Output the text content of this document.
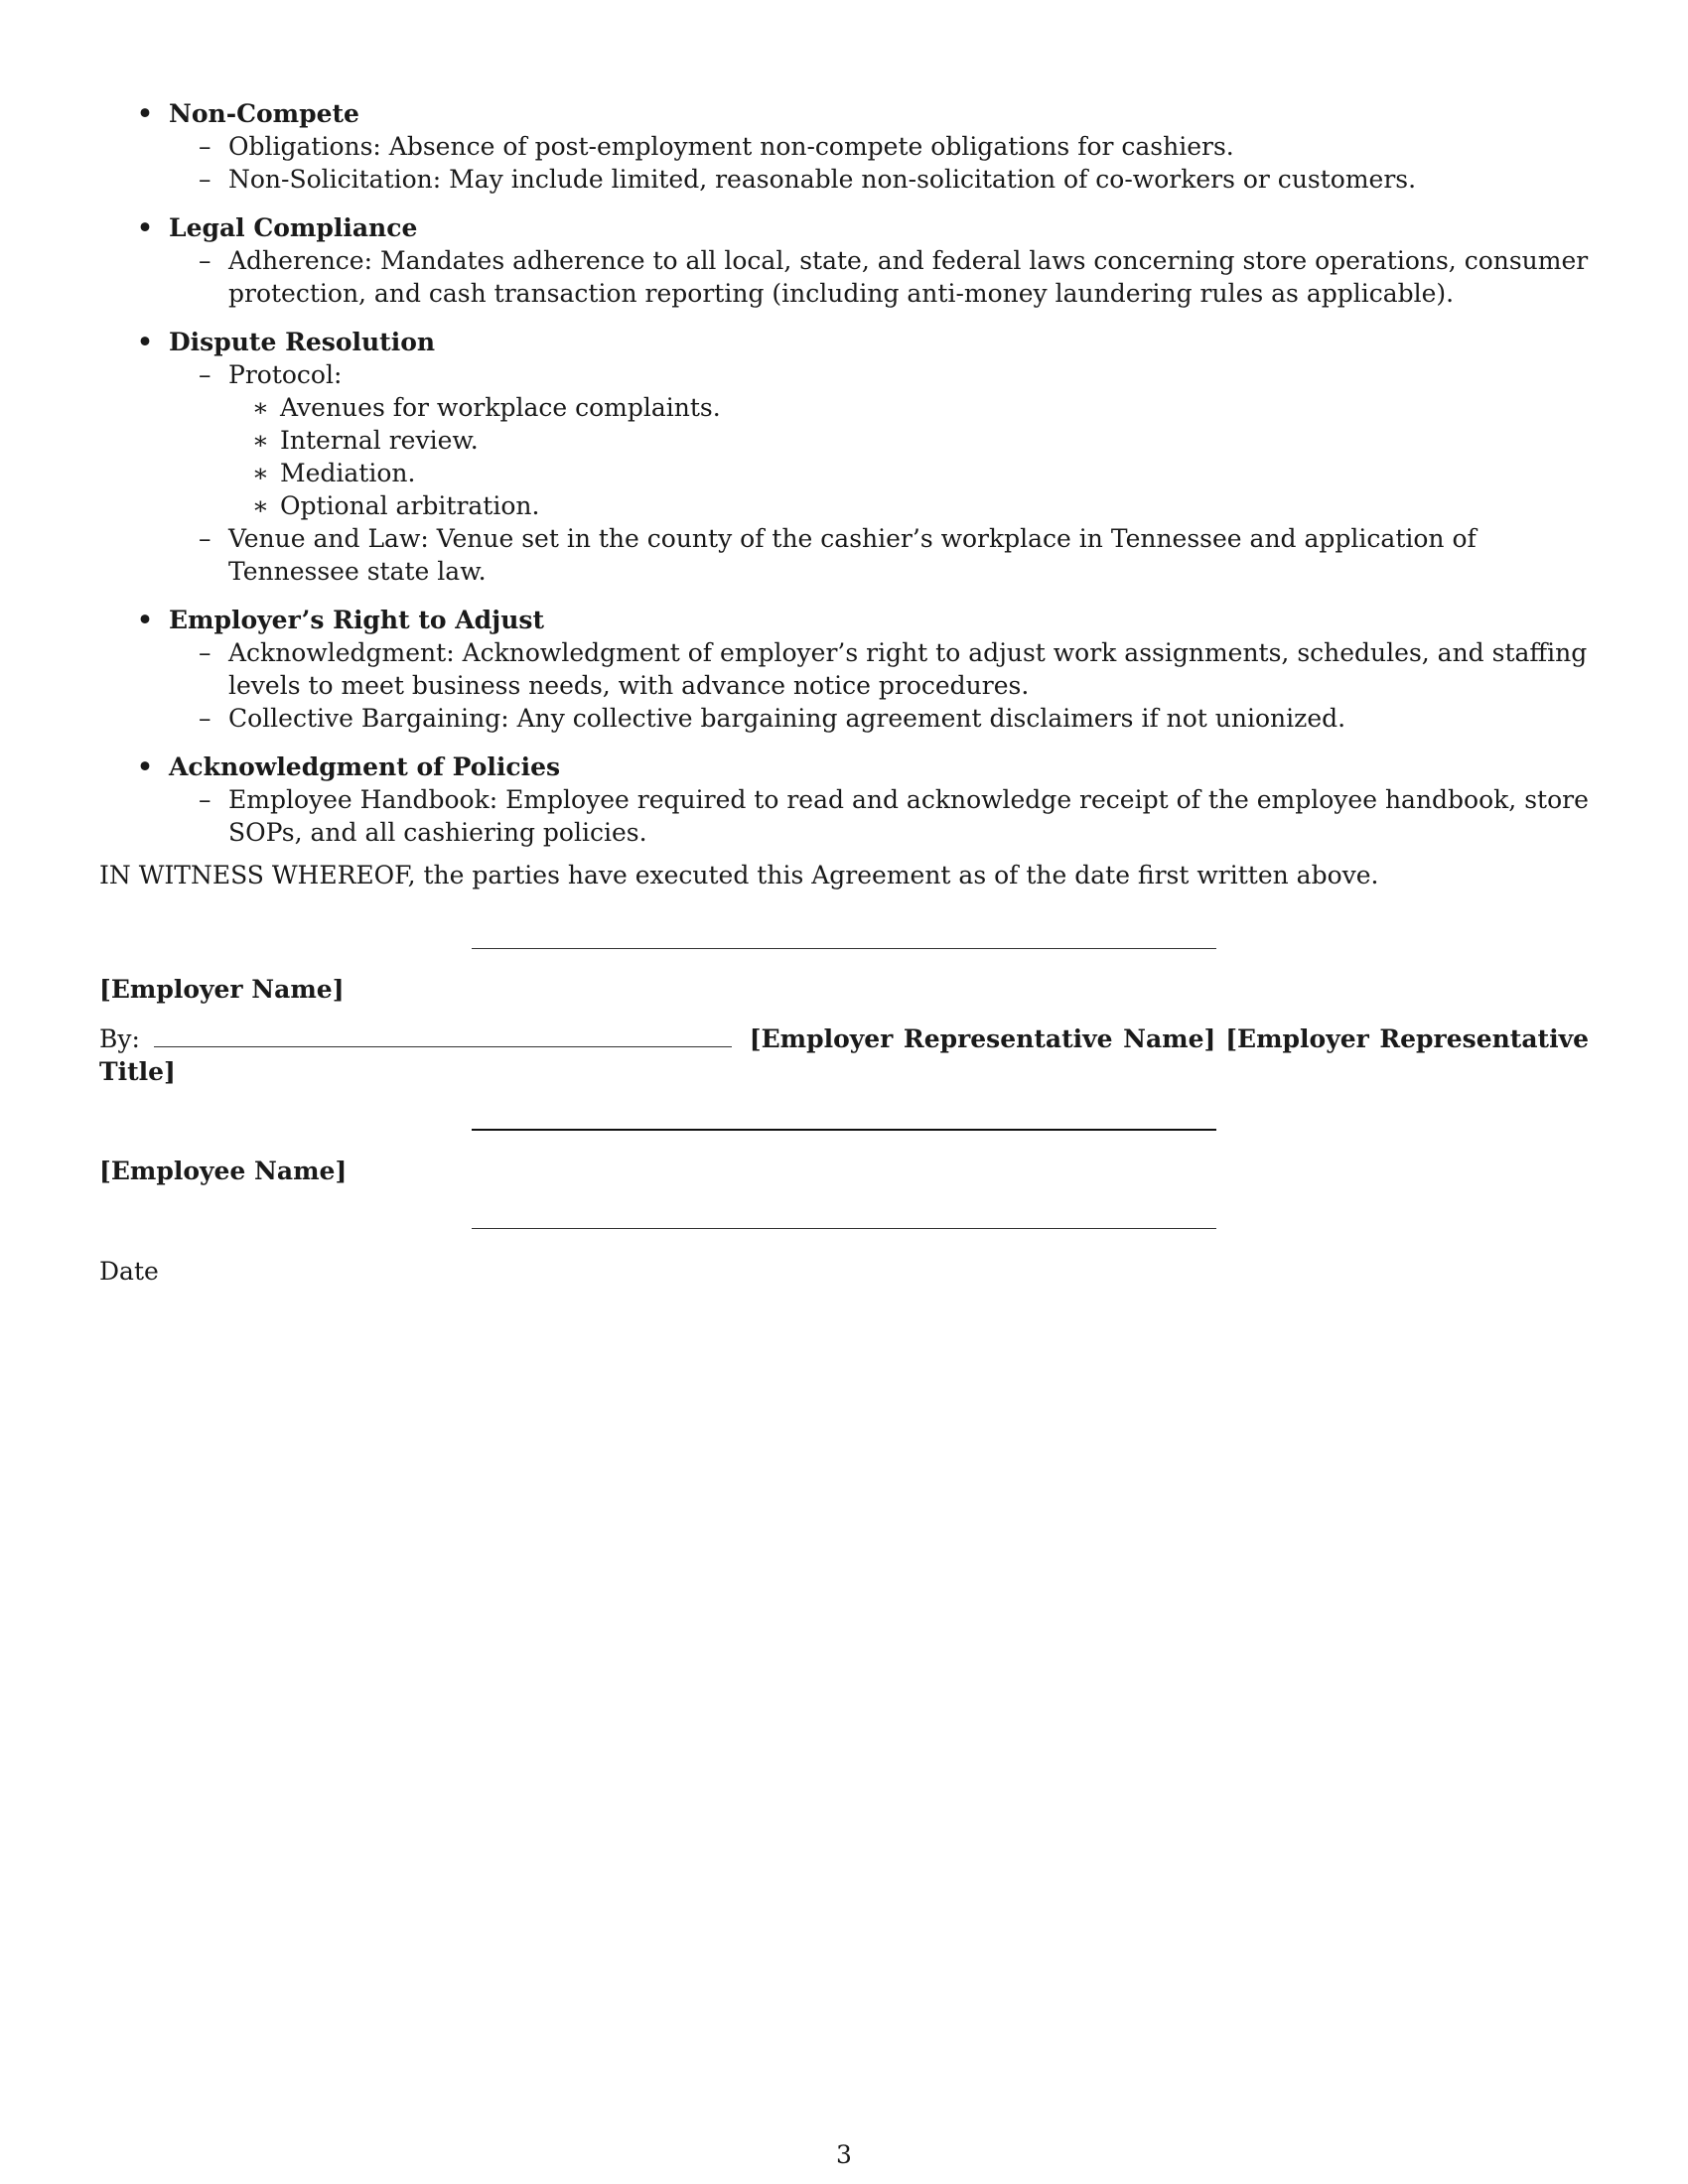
• Non-Compete
– Obligations: Absence of post-employment non-compete obligations for cashiers.
– Non-Solicitation: May include limited, reasonable non-solicitation of co-workers or customers.
• Legal Compliance
– Adherence: Mandates adherence to all local, state, and federal laws concerning store operations, consumer protection, and cash transaction reporting (including anti-money laundering rules as applicable).
• Dispute Resolution
– Protocol:
∗ Avenues for workplace complaints.
∗ Internal review.
∗ Mediation.
∗ Optional arbitration.
– Venue and Law: Venue set in the county of the cashier’s workplace in Tennessee and application of Tennessee state law.
• Employer’s Right to Adjust
– Acknowledgment: Acknowledgment of employer’s right to adjust work assignments, schedules, and staffing levels to meet business needs, with advance notice procedures.
– Collective Bargaining: Any collective bargaining agreement disclaimers if not unionized.
• Acknowledgment of Policies
– Employee Handbook: Employee required to read and acknowledge receipt of the employee handbook, store SOPs, and all cashiering policies.
IN WITNESS WHEREOF, the parties have executed this Agreement as of the date first written above.
[Employer Name]
By:	[Employer Representative Name] [Employer Representative Title]
[Employee Name]
Date
3
